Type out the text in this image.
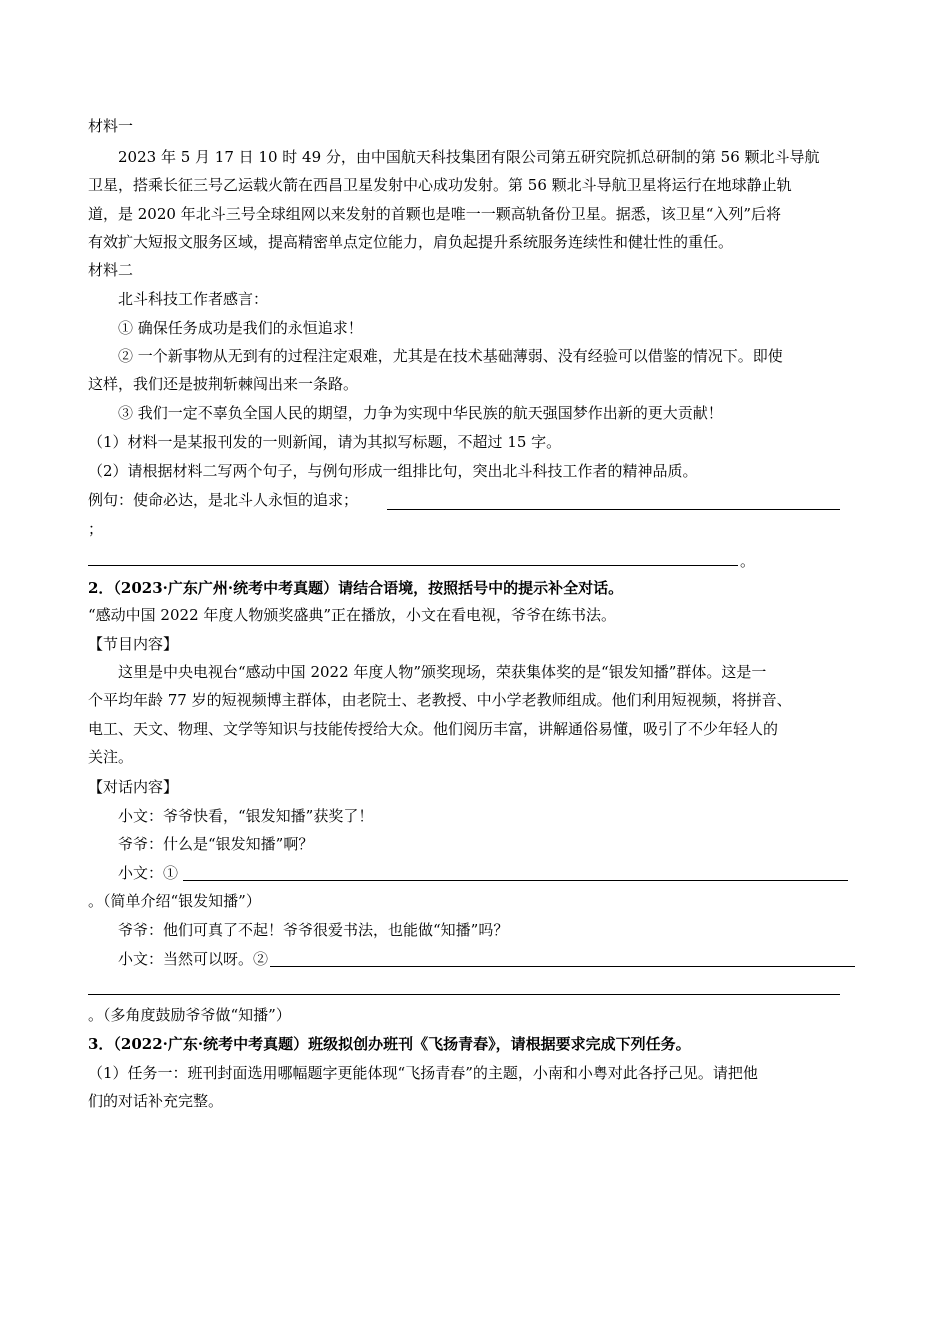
材料一
2023 年 5 月 17 日 10 时 49 分，由中国航天科技集团有限公司第五研究院抓总研制的第 56 颗北斗导航
卫星，搭乘长征三号乙运载火箭在西昌卫星发射中心成功发射。第 56 颗北斗导航卫星将运行在地球静止轨
道，是 2020 年北斗三号全球组网以来发射的首颗也是唯一一颗高轨备份卫星。据悉，该卫星“入列”后将
有效扩大短报文服务区域，提高精密单点定位能力，肩负起提升系统服务连续性和健壮性的重任。
材料二
北斗科技工作者感言：
① 确保任务成功是我们的永恒追求！
② 一个新事物从无到有的过程注定艰难，尤其是在技术基础薄弱、没有经验可以借鉴的情况下。即使
这样，我们还是披荆斩棘闯出来一条路。
③ 我们一定不辜负全国人民的期望，力争为实现中华民族的航天强国梦作出新的更大贡献！
（1）材料一是某报刊发的一则新闻，请为其拟写标题，不超过 15 字。
（2）请根据材料二写两个句子，与例句形成一组排比句，突出北斗科技工作者的精神品质。
例句：使命必达，是北斗人永恒的追求；
；
。
2．（2023·广东广州·统考中考真题）请结合语境，按照括号中的提示补全对话。
“感动中国 2022 年度人物颁奖盛典”正在播放，小文在看电视，爷爷在练书法。
【节目内容】
这里是中央电视台“感动中国 2022 年度人物”颁奖现场，荣获集体奖的是“银发知播”群体。这是一
个平均年龄 77 岁的短视频博主群体，由老院士、老教授、中小学老教师组成。他们利用短视频，将拼音、
电工、天文、物理、文学等知识与技能传授给大众。他们阅历丰富，讲解通俗易懂，吸引了不少年轻人的
关注。
【对话内容】
小文：爷爷快看，“银发知播”获奖了！
爷爷：什么是“银发知播”啊？
小文：①
。（简单介绍“银发知播”）
爷爷：他们可真了不起！爷爷很爱书法，也能做“知播”吗？
小文：当然可以呀。②
。（多角度鼓励爷爷做“知播”）
3．（2022·广东·统考中考真题）班级拟创办班刊《飞扬青春》，请根据要求完成下列任务。
（1）任务一：班刊封面选用哪幅题字更能体现“飞扬青春”的主题，小南和小粤对此各抒己见。请把他
们的对话补充完整。
